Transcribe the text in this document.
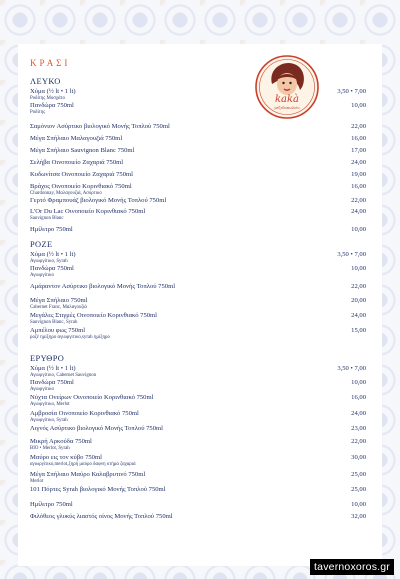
ΚΡΑΣΙ
kakà
μεζεδοπωλείο
ΛΕΥΚΟ
Χύμα (½ lt • 1 lt)
Ροδίτης Μοσχάτο
3,50 • 7,00
Πανδώρα 750ml
Ροδίτης
10,00
Σαμόνιον Ασύρτικο βιολογικό Μονής Τοπλού 750ml	22,00
Μέγα Σπήλαιο Μαλαγουζιά 750ml	16,00
Μέγα Σπήλαιο Sauvignon Blanc 750ml	17,00
Σελήβα Οινοποιείο Ζαχαριά 750ml	24,00
Κυδωνίτσα Οινοποιείο Ζαχαριά 750ml	19,00
Βράχος Οινοποιείο Κορινθιακό 750ml
Chardonnay, Μαλαγουζιά, Ασύρτικο
16,00
Γερτό Φραμπουάζ βιολογικό Μονής Τοπλού 750ml	22,00
L'Or Du Lac Οινοποιείο Κορινθιακό 750ml
Sauvignon Blanc
24,00
Ημίλιτρο 750ml	10,00
ΡΟΖΕ
Χύμα (½ lt • 1 lt)
Αγιωργίτικο, Syrah
3,50 • 7,00
Πανδώρα 750ml
Αγιωργίτικο
10,00
Αμάραντον Ασύρτικο βιολογικό Μονής Τοπλού 750ml	22,00
Μέγα Σπήλαιο 750ml
Cabernet Franc, Μαλαγουζιά
20,00
Μεγάλες Στιγμές Οινοποιείο Κορινθιακό 750ml
Sauvignon Blanc, Syrah
24,00
Αμπέλου φως 750ml
ροζέ ημίξηρο αγιωργιτικο,syrah ημίξηρο
15,00
ΕΡΥΘΡΟ
Χύμα (½ lt • 1 lt)
Αγιωργίτικο, Cabernet Sauvignon
3,50 • 7,00
Πανδώρα 750ml
Αγιωργίτικο
10,00
Νύχτα Ονείρων Οινοποιείο Κορινθιακό 750ml
Αγιωργίτικο, Merlot
16,00
Αμβροσία Οινοποιείο Κορινθιακό 750ml
Αγιωργίτικο, Syrah
24,00
Λιγνός Ασύρτικο βιολογικό Μονής Τοπλού 750ml	23,00
Μικρή Αρκούδα 750ml
BIO • Merlot, Syrah
22,00
Μαύρο εις τον κύβο 750ml
αγιωργίτικο,merlot,ξηρή μαύρο δαφνη κτήμα ζαχαριά
30,00
Μέγα Σπήλαιο Μαύρο Καλαβρυτινό 750ml
Merlot
25,00
101 Πόρτες Syrah βιολογικό Μονής Τοπλού 750ml	25,00
Ημίλιτρο 750ml	10,00
Φιλόθεος γλυκύς λιαστός οίνος Μονής Τοπλού 750ml	32,00
tavernoxoros.gr
